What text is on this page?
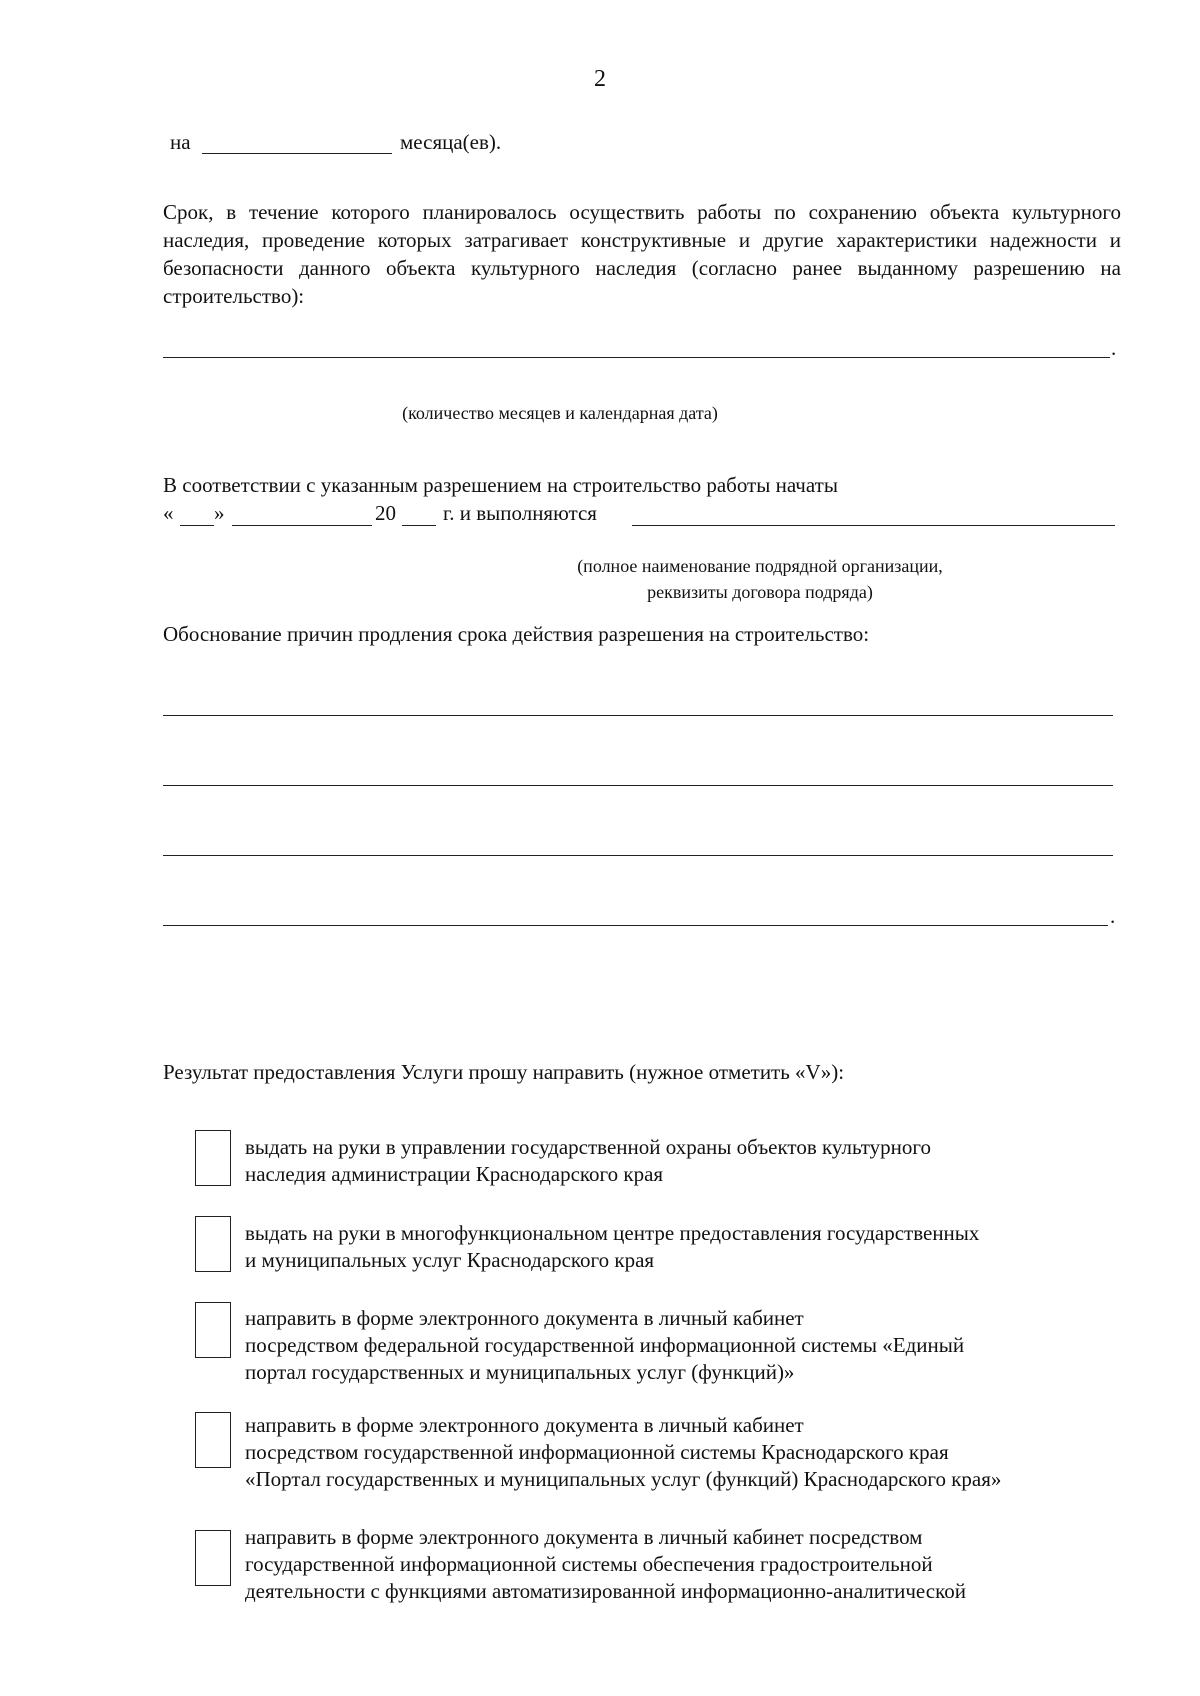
2
на	месяца(ев).
Срок, в течение которого планировалось осуществить работы по сохранению объекта культурного наследия, проведение которых затрагивает конструктивные и другие характеристики надежности и безопасности данного объекта культурного наследия (согласно ранее выданному разрешению на строительство):
.
(количество месяцев и календарная дата)
В соответствии с указанным разрешением на строительство работы начаты
« »	20 г. и выполняются
(полное наименование подрядной организации,
реквизиты договора подряда)
Обоснование причин продления срока действия разрешения на строительство:
.
Результат предоставления Услуги прошу направить (нужное отметить «V»):
выдать на руки в управлении государственной охраны объектов культурного
наследия администрации Краснодарского края
выдать на руки в многофункциональном центре предоставления государственных
и муниципальных услуг Краснодарского края
направить в форме электронного документа в личный кабинет
посредством федеральной государственной информационной системы «Единый
портал государственных и муниципальных услуг (функций)»
направить в форме электронного документа в личный кабинет
посредством государственной информационной системы Краснодарского края
«Портал государственных и муниципальных услуг (функций) Краснодарского края»
направить в форме электронного документа в личный кабинет посредством
государственной информационной системы обеспечения градостроительной
деятельности с функциями автоматизированной информационно-аналитической
